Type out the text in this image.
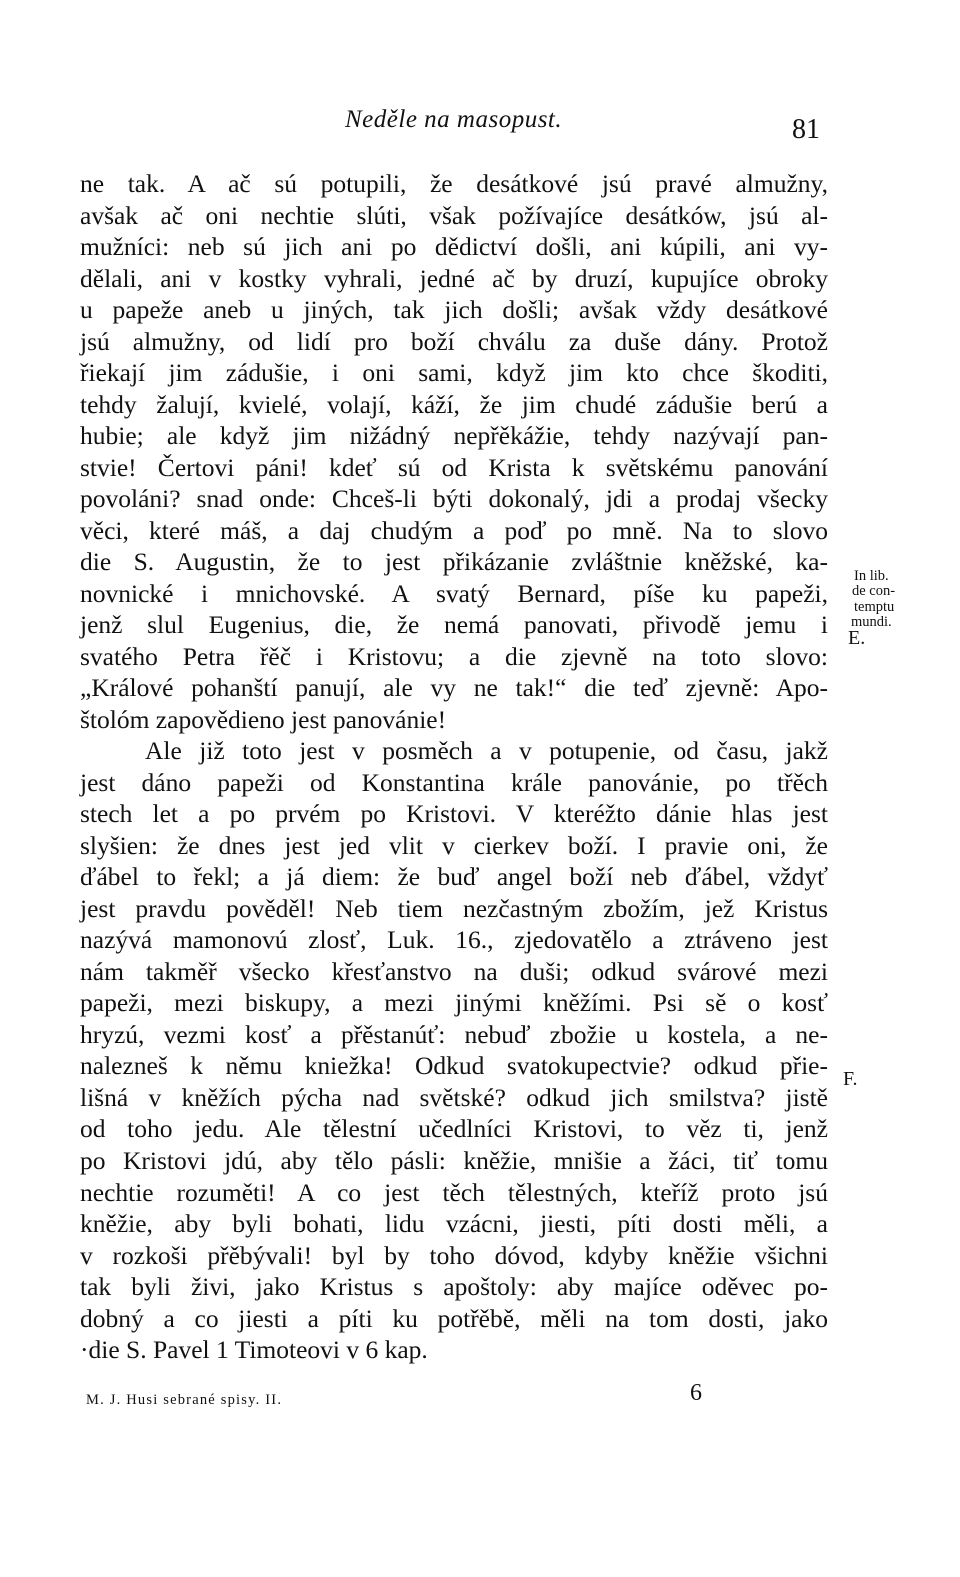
Neděle na masopust.	81
ne tak. A ač sú potupili, že desátkové jsú pravé almužny,
avšak ač oni nechtie slúti, však požívajíce desátków, jsú al-
mužníci: neb sú jich ani po dědictví došli, ani kúpili, ani vy-
dělali, ani v kostky vyhrali, jedné ač by druzí, kupujíce obroky
u papeže aneb u jiných, tak jich došli; avšak vždy desátkové
jsú almužny, od lidí pro boží chválu za duše dány. Protož
řiekají jim zádušie, i oni sami, když jim kto chce škoditi,
tehdy žalují, kvielé, volají, káží, že jim chudé zádušie berú a
hubie; ale když jim nižádný nepřěkážie, tehdy nazývají pan-
stvie! Čertovi páni! kdeť sú od Krista k světskému panování
povoláni? snad onde: Chceš-li býti dokonalý, jdi a prodaj všecky
věci, které máš, a daj chudým a poď po mně. Na to slovo
die S. Augustin, že to jest přikázanie zvláštnie kněžské, ka-
novnické i mnichovské. A svatý Bernard, píše ku papeži,
jenž slul Eugenius, die, že nemá panovati, přivodě jemu i
svatého Petra řěč i Kristovu; a die zjevně na toto slovo:
„Králové pohanští panují, ale vy ne tak!“ die teď zjevně: Apo-
štolóm zapovědieno jest panovánie!
Ale již toto jest v posměch a v potupenie, od času, jakž
jest dáno papeži od Konstantina krále panovánie, po třěch
stech let a po prvém po Kristovi. V kteréžto dánie hlas jest
slyšien: že dnes jest jed vlit v cierkev boží. I pravie oni, že
ďábel to řekl; a já diem: že buď angel boží neb ďábel, vždyť
jest pravdu pověděl! Neb tiem nezčastným zbožím, jež Kristus
nazývá mamonovú zlosť, Luk. 16., zjedovatělo a ztráveno jest
nám takměř všecko křesťanstvo na duši; odkud svárové mezi
papeži, mezi biskupy, a mezi jinými kněžími. Psi sě o kosť
hryzú, vezmi kosť a přěstanúť: nebuď zbožie u kostela, a ne-
nalezneš k němu kniežka! Odkud svatokupectvie? odkud přie-
lišná v kněžích pýcha nad světské? odkud jich smilstva? jistě
od toho jedu. Ale tělestní učedlníci Kristovi, to věz ti, jenž
po Kristovi jdú, aby tělo pásli: kněžie, mnišie a žáci, tiť tomu
nechtie rozuměti! A co jest těch tělestných, kteříž proto jsú
kněžie, aby byli bohati, lidu vzácni, jiesti, píti dosti měli, a
v rozkoši přěbývali! byl by toho dóvod, kdyby kněžie všichni
tak byli živi, jako Kristus s apoštoly: aby majíce oděvec po-
dobný a co jiesti a píti ku potřěbě, měli na tom dosti, jako
·die S. Pavel 1 Timoteovi v 6 kap.
In lib.
de con-
temptu
mundi.
E.
F.
M. J. Husi sebrané spisy. II.	6
